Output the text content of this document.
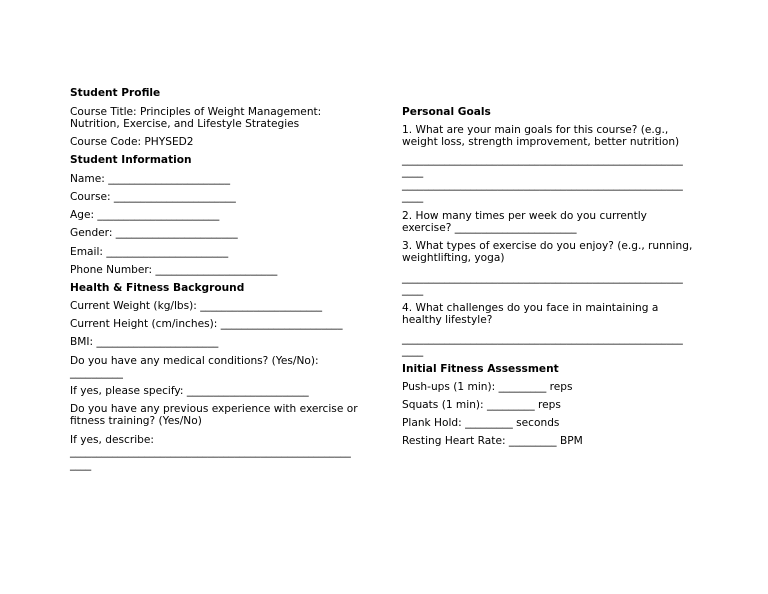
Student Profile
Course Title: Principles of Weight Management:
Nutrition, Exercise, and Lifestyle Strategies
Course Code: PHYSED2
Student Information
Name: _______________________
Course: _______________________
Age: _______________________
Gender: _______________________
Email: _______________________
Phone Number: _______________________
Health & Fitness Background
Current Weight (kg/lbs): _______________________
Current Height (cm/inches): _______________________
BMI: _______________________
Do you have any medical conditions? (Yes/No):
__________
If yes, please specify: _______________________
Do you have any previous experience with exercise or
fitness training? (Yes/No)
If yes, describe:
_____________________________________________________
____
Personal Goals
1. What are your main goals for this course? (e.g.,
weight loss, strength improvement, better nutrition)
_____________________________________________________
____
_____________________________________________________
____
2. How many times per week do you currently
exercise? _______________________
3. What types of exercise do you enjoy? (e.g., running,
weightlifting, yoga)
_____________________________________________________
____
4. What challenges do you face in maintaining a
healthy lifestyle?
_____________________________________________________
____
Initial Fitness Assessment
Push-ups (1 min): _________ reps
Squats (1 min): _________ reps
Plank Hold: _________ seconds
Resting Heart Rate: _________ BPM
